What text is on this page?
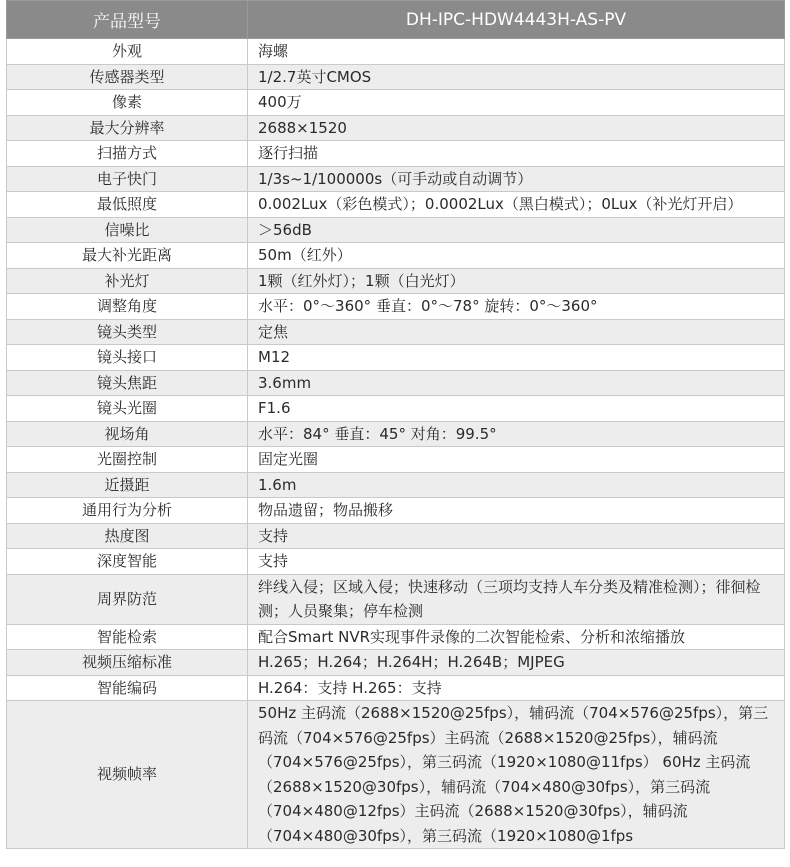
产品型号	DH-IPC-HDW4443H-AS-PV
外观	海螺
传感器类型	1/2.7英寸CMOS
像素	400万
最大分辨率	2688×1520
扫描方式	逐行扫描
电子快门	1/3s~1/100000s（可手动或自动调节）
最低照度	0.002Lux（彩色模式）；0.0002Lux（黑白模式）；0Lux（补光灯开启）
信噪比	＞56dB
最大补光距离	50m（红外）
补光灯	1颗（红外灯）；1颗（白光灯）
调整角度	水平：0°～360° 垂直：0°～78° 旋转：0°～360°
镜头类型	定焦
镜头接口	M12
镜头焦距	3.6mm
镜头光圈	F1.6
视场角	水平：84° 垂直：45° 对角：99.5°
光圈控制	固定光圈
近摄距	1.6m
通用行为分析	物品遗留；物品搬移
热度图	支持
深度智能	支持
周界防范	绊线入侵；区域入侵；快速移动（三项均支持人车分类及精准检测）；徘徊检测；人员聚集；停车检测
智能检索	配合Smart NVR实现事件录像的二次智能检索、分析和浓缩播放
视频压缩标准	H.265；H.264；H.264H；H.264B；MJPEG
智能编码	H.264：支持 H.265：支持
视频帧率	50Hz 主码流（2688×1520@25fps），辅码流（704×576@25fps），第三码流（704×576@25fps）主码流（2688×1520@25fps），辅码流（704×576@25fps），第三码流（1920×1080@11fps） 60Hz 主码流（2688×1520@30fps），辅码流（704×480@30fps），第三码流（704×480@12fps）主码流（2688×1520@30fps），辅码流（704×480@30fps），第三码流（1920×1080@1fps
